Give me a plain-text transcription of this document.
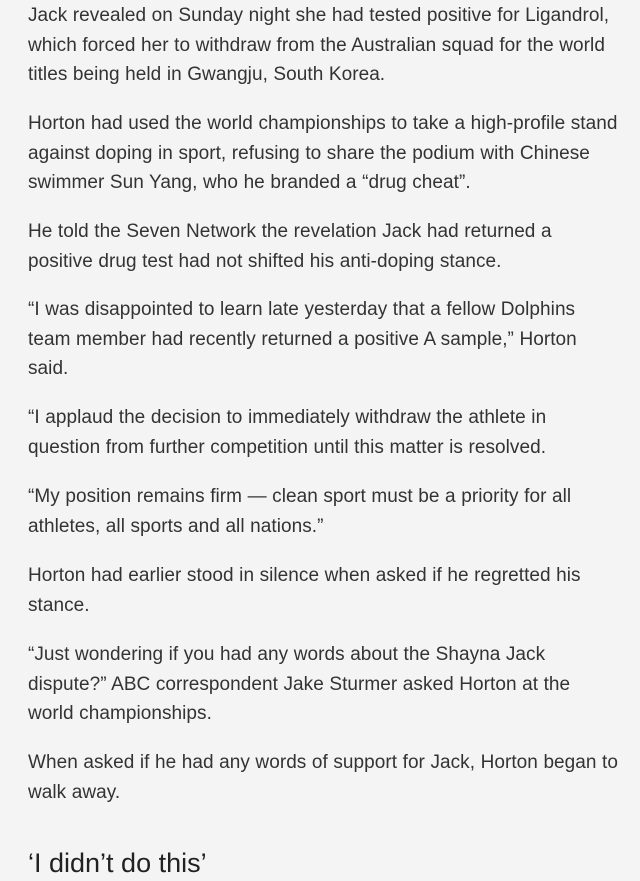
Jack revealed on Sunday night she had tested positive for Ligandrol, which forced her to withdraw from the Australian squad for the world titles being held in Gwangju, South Korea.

Horton had used the world championships to take a high-profile stand against doping in sport, refusing to share the podium with Chinese swimmer Sun Yang, who he branded a “drug cheat”.

He told the Seven Network the revelation Jack had returned a positive drug test had not shifted his anti-doping stance.

“I was disappointed to learn late yesterday that a fellow Dolphins team member had recently returned a positive A sample,” Horton said.

“I applaud the decision to immediately withdraw the athlete in question from further competition until this matter is resolved.

“My position remains firm — clean sport must be a priority for all athletes, all sports and all nations.”

Horton had earlier stood in silence when asked if he regretted his stance.

“Just wondering if you had any words about the Shayna Jack dispute?” ABC correspondent Jake Sturmer asked Horton at the world championships.

When asked if he had any words of support for Jack, Horton began to walk away.

‘I didn’t do this’
